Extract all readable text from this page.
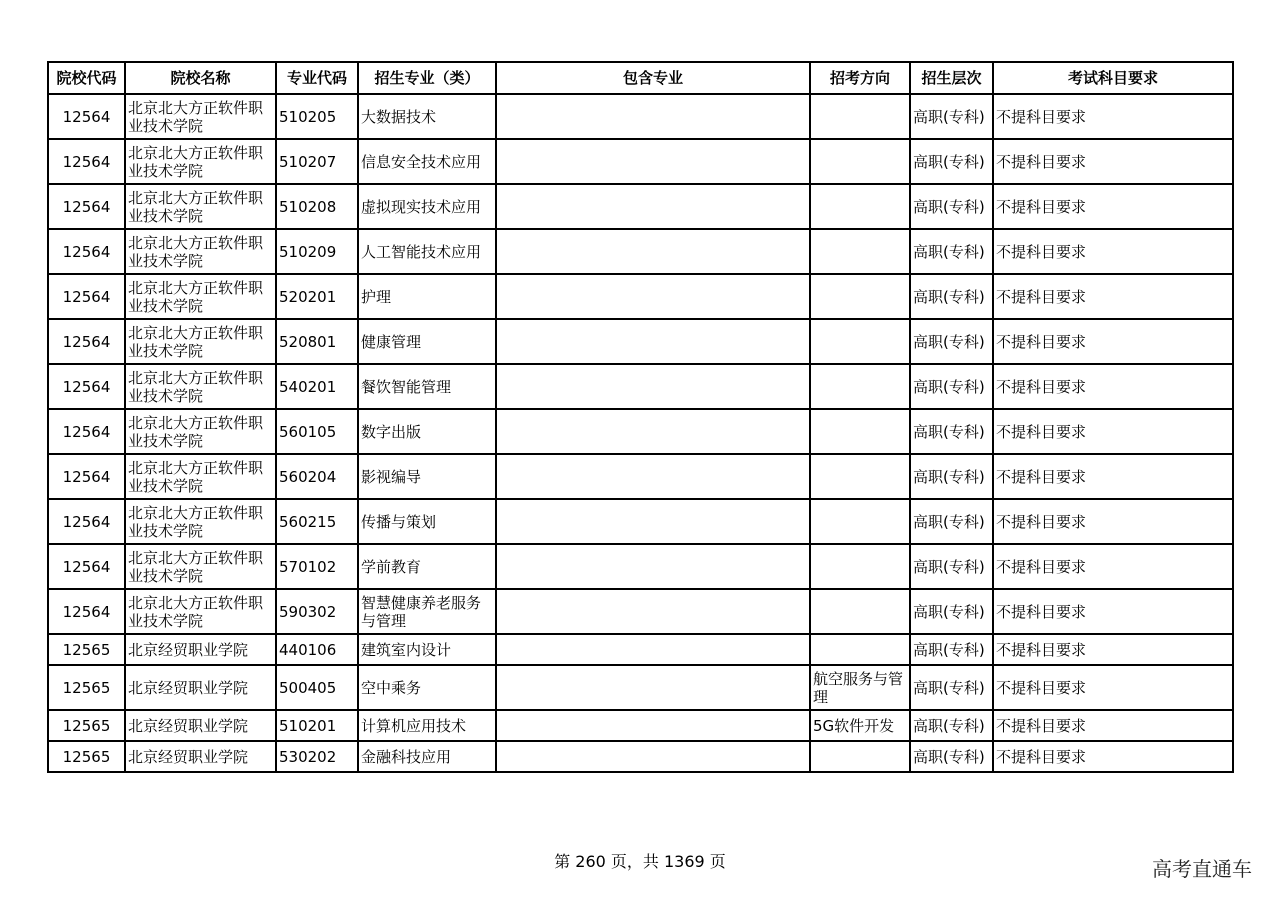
院校代码	院校名称	专业代码	招生专业（类）	包含专业	招考方向	招生层次	考试科目要求
12564	北京北大方正软件职业技术学院	510205	大数据技术			高职(专科)	不提科目要求
12564	北京北大方正软件职业技术学院	510207	信息安全技术应用			高职(专科)	不提科目要求
12564	北京北大方正软件职业技术学院	510208	虚拟现实技术应用			高职(专科)	不提科目要求
12564	北京北大方正软件职业技术学院	510209	人工智能技术应用			高职(专科)	不提科目要求
12564	北京北大方正软件职业技术学院	520201	护理			高职(专科)	不提科目要求
12564	北京北大方正软件职业技术学院	520801	健康管理			高职(专科)	不提科目要求
12564	北京北大方正软件职业技术学院	540201	餐饮智能管理			高职(专科)	不提科目要求
12564	北京北大方正软件职业技术学院	560105	数字出版			高职(专科)	不提科目要求
12564	北京北大方正软件职业技术学院	560204	影视编导			高职(专科)	不提科目要求
12564	北京北大方正软件职业技术学院	560215	传播与策划			高职(专科)	不提科目要求
12564	北京北大方正软件职业技术学院	570102	学前教育			高职(专科)	不提科目要求
12564	北京北大方正软件职业技术学院	590302	智慧健康养老服务与管理			高职(专科)	不提科目要求
12565	北京经贸职业学院	440106	建筑室内设计			高职(专科)	不提科目要求
12565	北京经贸职业学院	500405	空中乘务		航空服务与管理	高职(专科)	不提科目要求
12565	北京经贸职业学院	510201	计算机应用技术		5G软件开发	高职(专科)	不提科目要求
12565	北京经贸职业学院	530202	金融科技应用			高职(专科)	不提科目要求
第 260 页，共 1369 页	高考直通车
